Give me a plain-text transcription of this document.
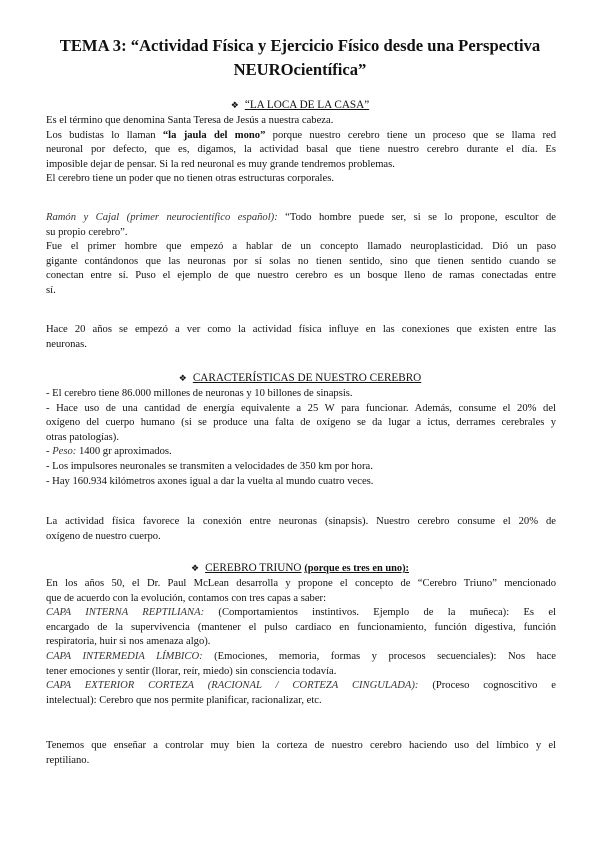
TEMA 3: “Actividad Física y Ejercicio Físico desde una Perspectiva
NEUROcientífica”
❖ “LA LOCA DE LA CASA”
Es el término que denomina Santa Teresa de Jesús a nuestra cabeza.
Los budistas lo llaman “la jaula del mono” porque nuestro cerebro tiene un proceso que se llama red
neuronal por defecto, que es, digamos, la actividad basal que tiene nuestro cerebro durante el día. Es
imposible dejar de pensar. Si la red neuronal es muy grande tendremos problemas.
El cerebro tiene un poder que no tienen otras estructuras corporales.
Ramón y Cajal (primer neurocientífico español): “Todo hombre puede ser, si se lo propone, escultor de
su propio cerebro”.
Fue el primer hombre que empezó a hablar de un concepto llamado neuroplasticidad. Dió un paso
gigante contándonos que las neuronas por sí solas no tienen sentido, sino que tienen sentido cuando se
conectan entre sí. Puso el ejemplo de que nuestro cerebro es un bosque lleno de ramas conectadas entre
sí.
Hace 20 años se empezó a ver como la actividad física influye en las conexiones que existen entre las
neuronas.
❖ CARACTERÍSTICAS DE NUESTRO CEREBRO
- El cerebro tiene 86.000 millones de neuronas y 10 billones de sinapsis.
- Hace uso de una cantidad de energía equivalente a 25 W para funcionar. Además, consume el 20% del
oxígeno del cuerpo humano (si se produce una falta de oxígeno se da lugar a ictus, derrames cerebrales y
otras patologías).
- Peso: 1400 gr aproximados.
- Los impulsores neuronales se transmiten a velocidades de 350 km por hora.
- Hay 160.934 kilómetros axones igual a dar la vuelta al mundo cuatro veces.
La actividad física favorece la conexión entre neuronas (sinapsis). Nuestro cerebro consume el 20% de
oxígeno de nuestro cuerpo.
❖ CEREBRO TRIUNO (porque es tres en uno):
En los años 50, el Dr. Paul McLean desarrolla y propone el concepto de “Cerebro Triuno” mencionado
que de acuerdo con la evolución, contamos con tres capas a saber:
CAPA INTERNA REPTILIANA: (Comportamientos instintivos. Ejemplo de la muñeca): Es el
encargado de la supervivencia (mantener el pulso cardiaco en funcionamiento, función digestiva, función
respiratoria, huir si nos amenaza algo).
CAPA INTERMEDIA LÍMBICO: (Emociones, memoria, formas y procesos secuenciales): Nos hace
tener emociones y sentir (llorar, reír, miedo) sin consciencia todavía.
CAPA EXTERIOR CORTEZA (RACIONAL / CORTEZA CINGULADA): (Proceso cognoscitivo e
intelectual): Cerebro que nos permite planificar, racionalizar, etc.
Tenemos que enseñar a controlar muy bien la corteza de nuestro cerebro haciendo uso del límbico y el
reptiliano.
